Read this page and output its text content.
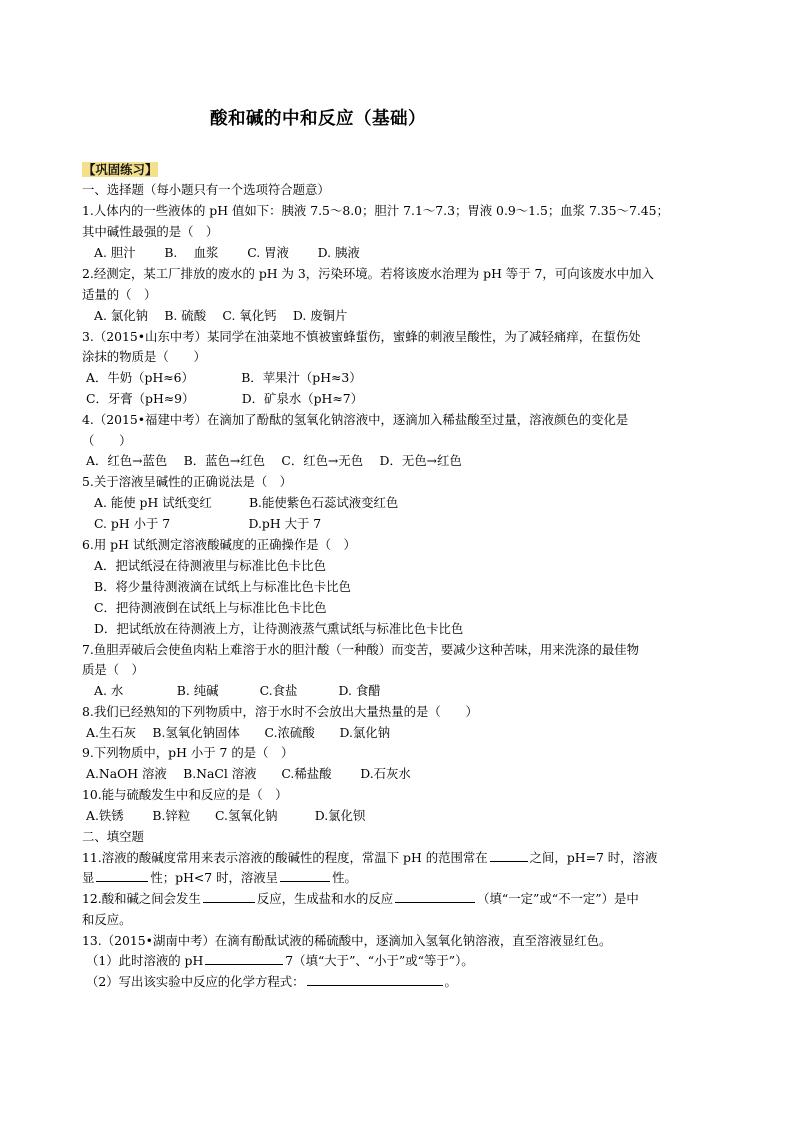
酸和碱的中和反应（基础）
【巩固练习】
一、选择题（每小题只有一个选项符合题意）
1.人体内的一些液体的 pH 值如下：胰液 7.5～8.0；胆汁 7.1～7.3；胃液 0.9～1.5；血浆 7.35～7.45；
其中碱性最强的是（　）
A. 胆汁　　 B.　 血浆　　 C. 胃液　　 D. 胰液
2.经测定，某工厂排放的废水的 pH 为 3，污染环境。若将该废水治理为 pH 等于 7，可向该废水中加入
适量的（　）
A. 氯化钠　 B. 硫酸　 C. 氧化钙　 D. 废铜片
3.（2015•山东中考）某同学在油菜地不慎被蜜蜂蜇伤，蜜蜂的刺液呈酸性，为了减轻痛痒，在蜇伤处
涂抹的物质是（　　）
A．牛奶（pH≈6）　　　　 B．苹果汁（pH≈3）
C．牙膏（pH≈9）　　　　 D．矿泉水（pH≈7）
4.（2015•福建中考）在滴加了酚酞的氢氧化钠溶液中，逐滴加入稀盐酸至过量，溶液颜色的变化是
（　　）
A．红色→蓝色　 B．蓝色→红色　 C．红色→无色　 D．无色→红色
5.关于溶液呈碱性的正确说法是（　）
A. 能使 pH 试纸变红　　　B.能使紫色石蕊试液变红色
C. pH 小于 7　　　　　　 D.pH 大于 7
6.用 pH 试纸测定溶液酸碱度的正确操作是（　）
A．把试纸浸在待测液里与标准比色卡比色
B．将少量待测液滴在试纸上与标准比色卡比色
C．把待测液倒在试纸上与标准比色卡比色
D．把试纸放在待测液上方，让待测液蒸气熏试纸与标准比色卡比色
7.鱼胆弄破后会使鱼肉粘上难溶于水的胆汁酸（一种酸）而变苦，要减少这种苦味，用来洗涤的最佳物
质是（　）
A. 水　　　　 B. 纯碱　　　 C.食盐　　　 D. 食醋
8.我们已经熟知的下列物质中，溶于水时不会放出大量热量的是（　　）
A.生石灰　 B.氢氧化钠固体　　C.浓硫酸　　D.氯化钠
9.下列物质中，pH 小于 7 的是（　）
A.NaOH 溶液　 B.NaCl 溶液　　C.稀盐酸　　 D.石灰水
10.能与硫酸发生中和反应的是（　）
A.铁锈　　 B.锌粒　　C.氢氧化钠　　　D.氯化钡
二、填空题
11.溶液的酸碱度常用来表示溶液的酸碱性的程度，常温下 pH 的范围常在	之间，pH=7 时，溶液
显	性；pH<7 时，溶液呈	性。
12.酸和碱之间会发生	反应，生成盐和水的反应	（填“一定”或“不一定”）是中
和反应。
13.（2015•湖南中考）在滴有酚酞试液的稀硫酸中，逐滴加入氢氧化钠溶液，直至溶液显红色。
（1）此时溶液的 pH	7（填“大于”、“小于”或“等于”）。
（2）写出该实验中反应的化学方程式：	。
